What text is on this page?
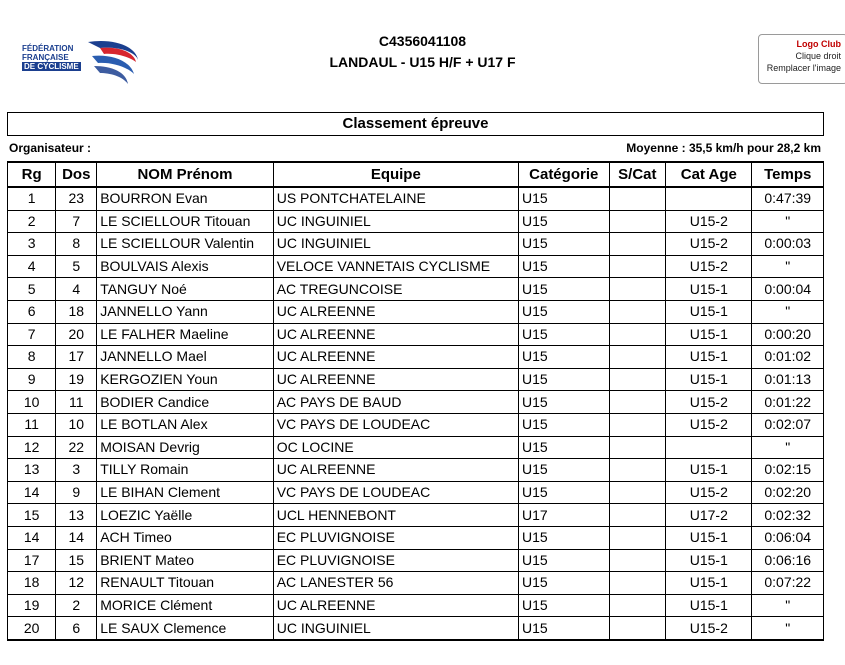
FÉDÉRATION
FRANÇAISE
DE CYCLISME
C4356041108
LANDAUL - U15 H/F + U17 F
Logo Club
Clique droit
Remplacer l'image
Classement épreuve
Organisateur :	Moyenne : 35,5 km/h pour 28,2 km
Rg	Dos	NOM Prénom	Equipe	Catégorie	S/Cat	Cat Age	Temps
1	23	BOURRON Evan	US PONTCHATELAINE	U15			0:47:39
2	7	LE SCIELLOUR Titouan	UC INGUINIEL	U15		U15-2	"
3	8	LE SCIELLOUR Valentin	UC INGUINIEL	U15		U15-2	0:00:03
4	5	BOULVAIS Alexis	VELOCE VANNETAIS CYCLISME	U15		U15-2	"
5	4	TANGUY Noé	AC TREGUNCOISE	U15		U15-1	0:00:04
6	18	JANNELLO Yann	UC ALREENNE	U15		U15-1	"
7	20	LE FALHER Maeline	UC ALREENNE	U15		U15-1	0:00:20
8	17	JANNELLO Mael	UC ALREENNE	U15		U15-1	0:01:02
9	19	KERGOZIEN Youn	UC ALREENNE	U15		U15-1	0:01:13
10	11	BODIER Candice	AC PAYS DE BAUD	U15		U15-2	0:01:22
11	10	LE BOTLAN Alex	VC PAYS DE LOUDEAC	U15		U15-2	0:02:07
12	22	MOISAN Devrig	OC LOCINE	U15			"
13	3	TILLY Romain	UC ALREENNE	U15		U15-1	0:02:15
14	9	LE BIHAN Clement	VC PAYS DE LOUDEAC	U15		U15-2	0:02:20
15	13	LOEZIC Yaëlle	UCL HENNEBONT	U17		U17-2	0:02:32
14	14	ACH Timeo	EC PLUVIGNOISE	U15		U15-1	0:06:04
17	15	BRIENT Mateo	EC PLUVIGNOISE	U15		U15-1	0:06:16
18	12	RENAULT Titouan	AC LANESTER 56	U15		U15-1	0:07:22
19	2	MORICE Clément	UC ALREENNE	U15		U15-1	"
20	6	LE SAUX Clemence	UC INGUINIEL	U15		U15-2	"
